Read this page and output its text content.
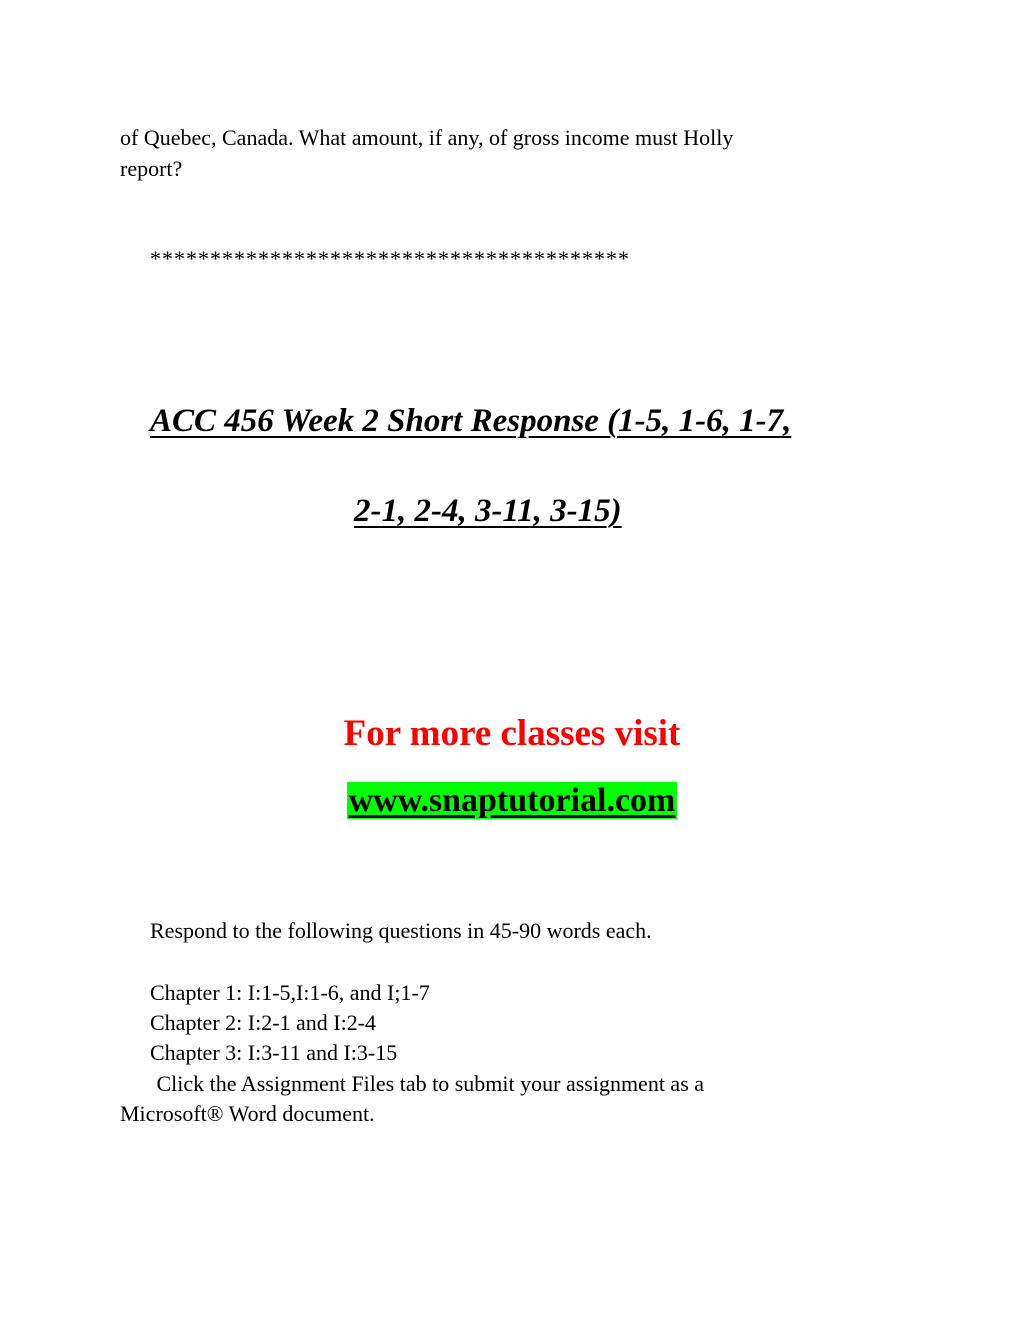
of Quebec, Canada. What amount, if any, of gross income must Holly

report?

****************************************

ACC 456 Week 2 Short Response (1-5, 1-6, 1-7,

2-1, 2-4, 3-11, 3-15)

For more classes visit

www.snaptutorial.com

Respond to the following questions in 45-90 words each.

Chapter 1: I:1-5,I:1-6, and I;1-7

Chapter 2: I:2-1 and I:2-4

Chapter 3: I:3-11 and I:3-15

Click the Assignment Files tab to submit your assignment as a

Microsoft® Word document.
